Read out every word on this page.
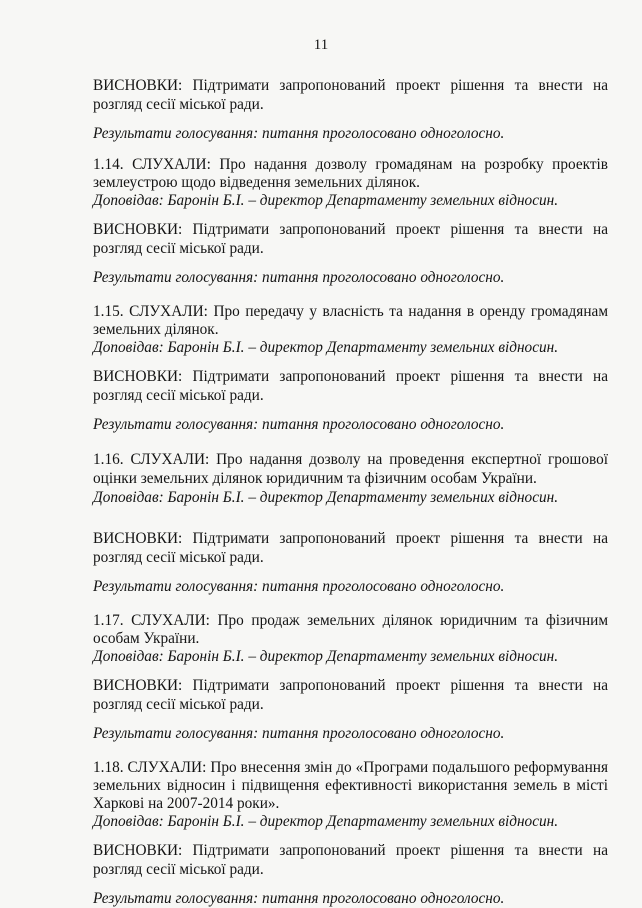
11

ВИСНОВКИ: Підтримати запропонований проект рішення та внести на розгляд сесії міської ради.

Результати голосування: питання проголосовано одноголосно.

1.14. СЛУХАЛИ: Про надання дозволу громадянам на розробку проектів землеустрою щодо відведення земельних ділянок.

Доповідав: Баронін Б.І. – директор Департаменту земельних відносин.

ВИСНОВКИ: Підтримати запропонований проект рішення та внести на розгляд сесії міської ради.

Результати голосування: питання проголосовано одноголосно.

1.15. СЛУХАЛИ: Про передачу у власність та надання в оренду громадянам земельних ділянок.

Доповідав: Баронін Б.І. – директор Департаменту земельних відносин.

ВИСНОВКИ: Підтримати запропонований проект рішення та внести на розгляд сесії міської ради.

Результати голосування: питання проголосовано одноголосно.

1.16. СЛУХАЛИ: Про надання дозволу на проведення експертної грошової оцінки земельних ділянок юридичним та фізичним особам України.

Доповідав: Баронін Б.І. – директор Департаменту земельних відносин.

ВИСНОВКИ: Підтримати запропонований проект рішення та внести на розгляд сесії міської ради.

Результати голосування: питання проголосовано одноголосно.

1.17. СЛУХАЛИ: Про продаж земельних ділянок юридичним та фізичним особам України.

Доповідав: Баронін Б.І. – директор Департаменту земельних відносин.

ВИСНОВКИ: Підтримати запропонований проект рішення та внести на розгляд сесії міської ради.

Результати голосування: питання проголосовано одноголосно.

1.18. СЛУХАЛИ: Про внесення змін до «Програми подальшого реформування земельних відносин і підвищення ефективності використання земель в місті Харкові на 2007-2014 роки».

Доповідав: Баронін Б.І. – директор Департаменту земельних відносин.

ВИСНОВКИ: Підтримати запропонований проект рішення та внести на розгляд сесії міської ради.

Результати голосування: питання проголосовано одноголосно.
